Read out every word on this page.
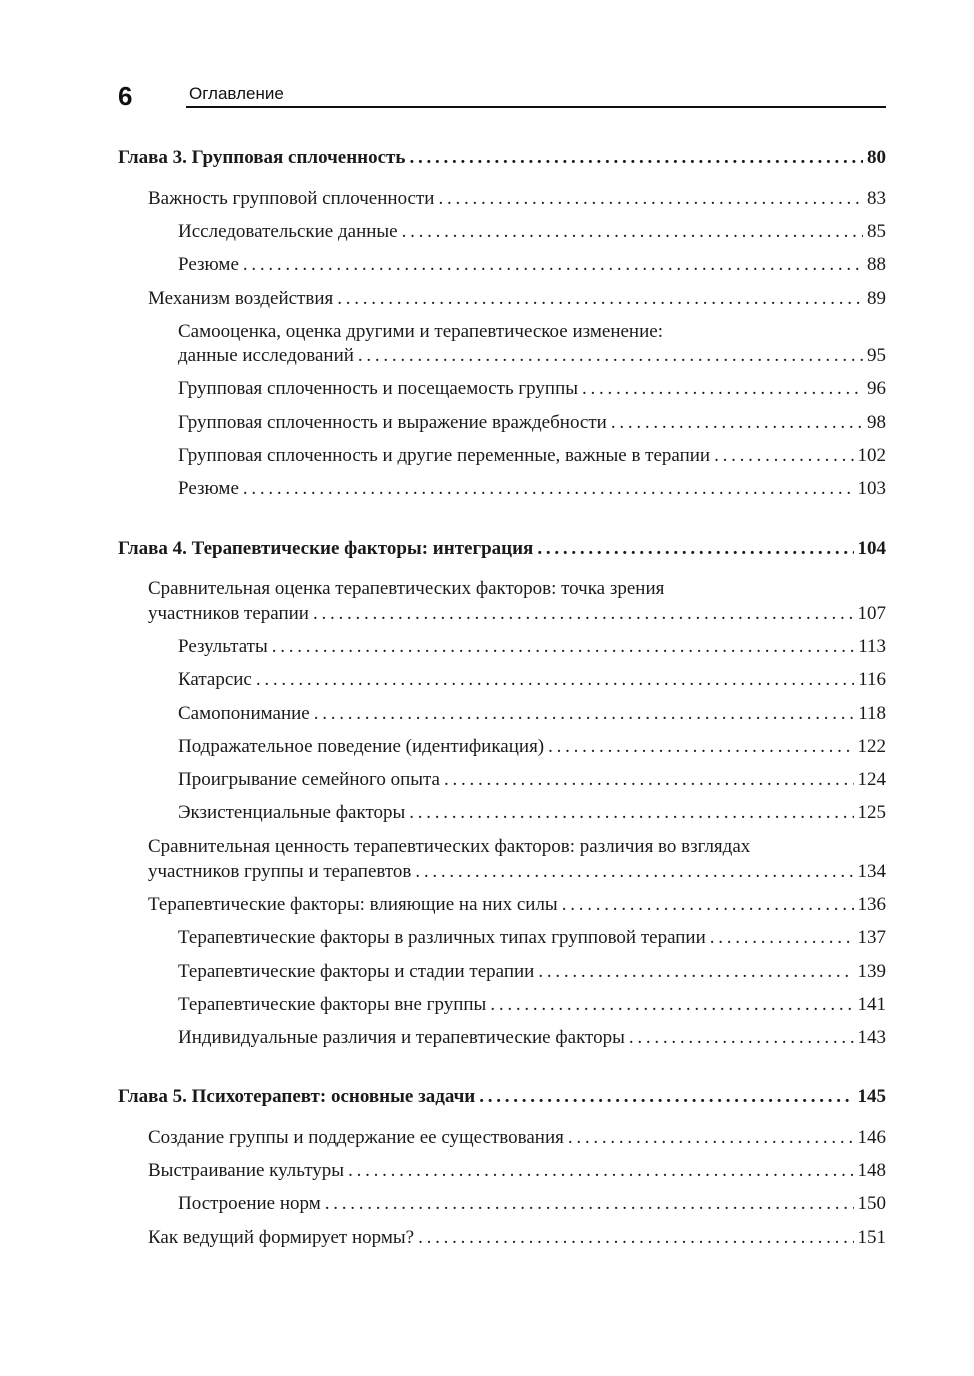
6	Оглавление
Глава 3. Групповая сплоченность . . .	80
Важность групповой сплоченности . . .	83
Исследовательские данные . . .	85
Резюме . . .	88
Механизм воздействия . . .	89
Самооценка, оценка другими и терапевтическое изменение:
данные исследований . . .	95
Групповая сплоченность и посещаемость группы . . .	96
Групповая сплоченность и выражение враждебности . . .	98
Групповая сплоченность и другие переменные, важные в терапии . . .	102
Резюме . . .	103
Глава 4. Терапевтические факторы: интеграция . . .	104
Сравнительная оценка терапевтических факторов: точка зрения
участников терапии . . .	107
Результаты . . .	113
Катарсис . . .	116
Самопонимание . . .	118
Подражательное поведение (идентификация) . . .	122
Проигрывание семейного опыта . . .	124
Экзистенциальные факторы . . .	125
Сравнительная ценность терапевтических факторов: различия во взглядах
участников группы и терапевтов . . .	134
Терапевтические факторы: влияющие на них силы . . .	136
Терапевтические факторы в различных типах групповой терапии . . .	137
Терапевтические факторы и стадии терапии . . .	139
Терапевтические факторы вне группы . . .	141
Индивидуальные различия и терапевтические факторы . . .	143
Глава 5. Психотерапевт: основные задачи . . .	145
Создание группы и поддержание ее существования . . .	146
Выстраивание культуры . . .	148
Построение норм . . .	150
Как ведущий формирует нормы? . . .	151
